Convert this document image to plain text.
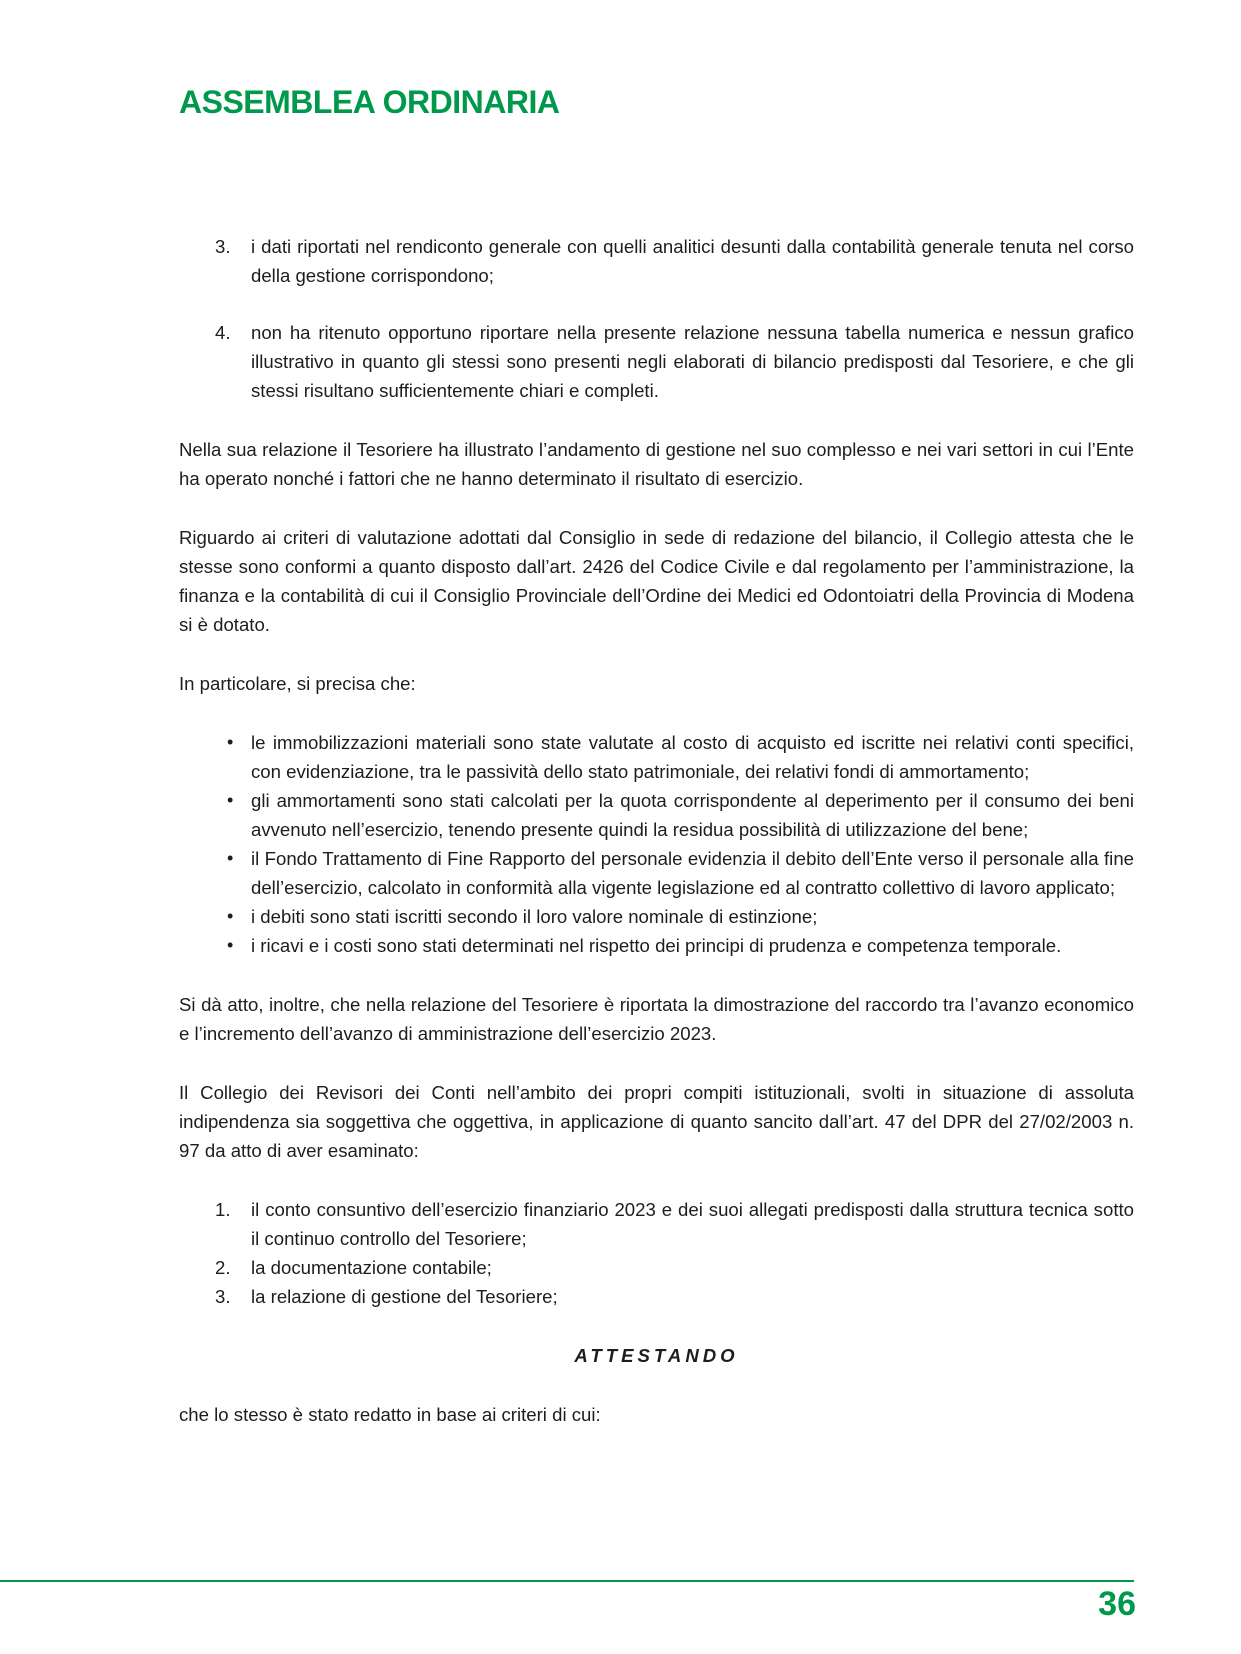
ASSEMBLEA ORDINARIA
3.	i dati riportati nel rendiconto generale con quelli analitici desunti dalla contabilità generale tenuta nel corso della gestione corrispondono;
4.	non ha ritenuto opportuno riportare nella presente relazione nessuna tabella numerica e nessun grafico illustrativo in quanto gli stessi sono presenti negli elaborati di bilancio predisposti dal Tesoriere, e che gli stessi risultano sufficientemente chiari e completi.

Nella sua relazione il Tesoriere ha illustrato l’andamento di gestione nel suo complesso e nei vari settori in cui l’Ente ha operato nonché i fattori che ne hanno determinato il risultato di esercizio.

Riguardo ai criteri di valutazione adottati dal Consiglio in sede di redazione del bilancio, il Collegio attesta che le stesse sono conformi a quanto disposto dall’art. 2426 del Codice Civile e dal regolamento per l’amministrazione, la finanza e la contabilità di cui il Consiglio Provinciale dell’Ordine dei Medici ed Odontoiatri della Provincia di Modena si è dotato.

In particolare, si precisa che:

• le immobilizzazioni materiali sono state valutate al costo di acquisto ed iscritte nei relativi conti specifici, con evidenziazione, tra le passività dello stato patrimoniale, dei relativi fondi di ammortamento;
• gli ammortamenti sono stati calcolati per la quota corrispondente al deperimento per il consumo dei beni avvenuto nell’esercizio, tenendo presente quindi la residua possibilità di utilizzazione del bene;
• il Fondo Trattamento di Fine Rapporto del personale evidenzia il debito dell’Ente verso il personale alla fine dell’esercizio, calcolato in conformità alla vigente legislazione ed al contratto collettivo di lavoro applicato;
• i debiti sono stati iscritti secondo il loro valore nominale di estinzione;
• i ricavi e i costi sono stati determinati nel rispetto dei principi di prudenza e competenza temporale.

Si dà atto, inoltre, che nella relazione del Tesoriere è riportata la dimostrazione del raccordo tra l’avanzo economico e l’incremento dell’avanzo di amministrazione dell’esercizio 2023.

Il Collegio dei Revisori dei Conti nell’ambito dei propri compiti istituzionali, svolti in situazione di assoluta indipendenza sia soggettiva che oggettiva, in applicazione di quanto sancito dall’art. 47 del DPR del 27/02/2003 n. 97 da atto di aver esaminato:

1.	il conto consuntivo dell’esercizio finanziario 2023 e dei suoi allegati predisposti dalla struttura tecnica sotto il continuo controllo del Tesoriere;
2.	la documentazione contabile;
3.	la relazione di gestione del Tesoriere;

ATTESTANDO

che lo stesso è stato redatto in base ai criteri di cui:

36
